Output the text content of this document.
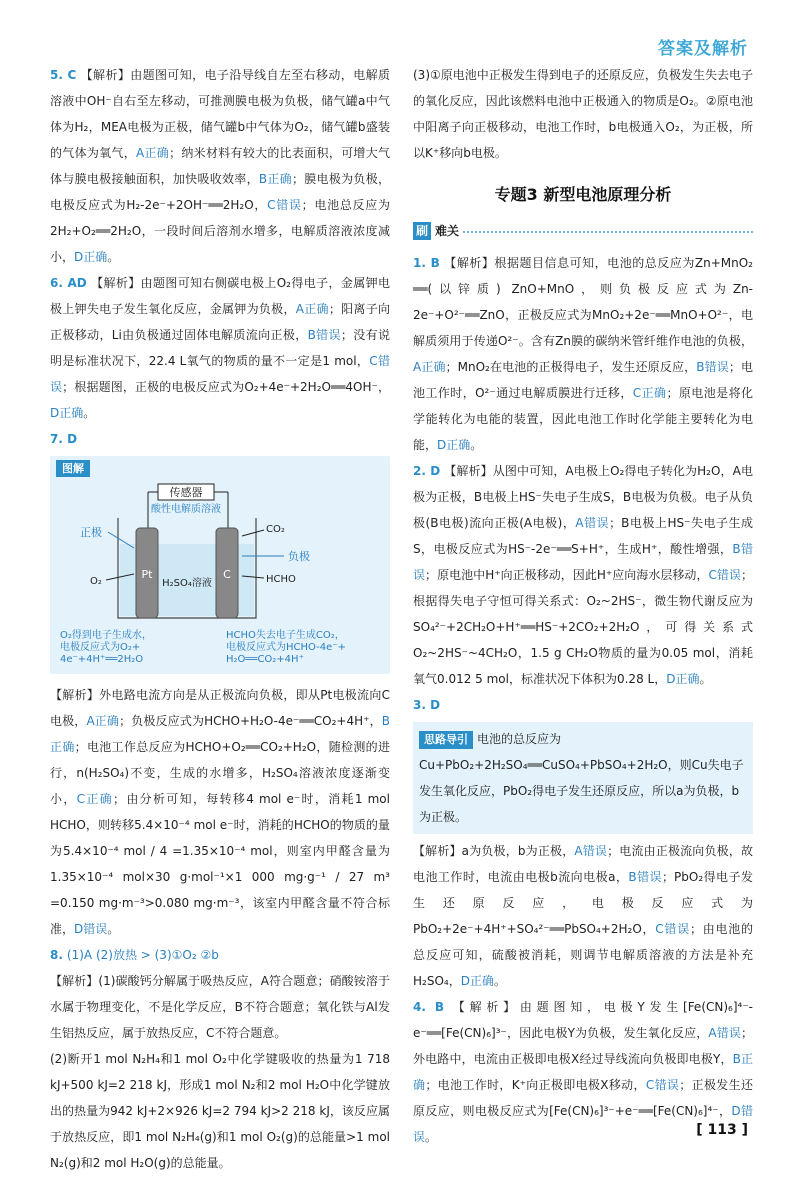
答案及解析

5. C 【解析】由题图可知，电子沿导线自左至右移动，电解质溶液中OH⁻自右至左移动，可推测膜电极为负极，储气罐a中气体为H₂，MEA电极为正极，储气罐b中气体为O₂，储气罐b盛装的气体为氧气，A正确；纳米材料有较大的比表面积，可增大气体与膜电极接触面积，加快吸收效率，B正确；膜电极为负极，电极反应式为H₂-2e⁻+2OH⁻══2H₂O，C错误；电池总反应为2H₂+O₂══2H₂O，一段时间后溶剂水增多，电解质溶液浓度减小，D正确。

6. AD 【解析】由题图可知右侧碳电极上O₂得电子，金属钾电极上钾失电子发生氧化反应，金属钾为负极，A正确；阳离子向正极移动，Li由负极通过固体电解质流向正极，B错误；没有说明是标准状况下，22.4 L氧气的物质的量不一定是1 mol，C错误；根据题图，正极的电极反应式为O₂+4e⁻+2H₂O══4OH⁻，D正确。

7. D

图解
传感器
酸性电解质溶液
Pt	C
H₂SO₄溶液
正极
负极
CO₂
HCHO
O₂
O₂得到电子生成水，
电极反应式为O₂+
4e⁻+4H⁺══2H₂O
HCHO失去电子生成CO₂，
电极反应式为HCHO-4e⁻+
H₂O══CO₂+4H⁺

【解析】外电路电流方向是从正极流向负极，即从Pt电极流向C电极，A正确；负极反应式为HCHO+H₂O-4e⁻══CO₂+4H⁺，B正确；电池工作总反应为HCHO+O₂══CO₂+H₂O，随检测的进行，n(H₂SO₄)不变，生成的水增多，H₂SO₄溶液浓度逐渐变小，C正确；由分析可知，每转移4 mol e⁻时，消耗1 mol HCHO，则转移5.4×10⁻⁴ mol e⁻时，消耗的HCHO的物质的量为5.4×10⁻⁴ mol / 4 =1.35×10⁻⁴ mol，则室内甲醛含量为1.35×10⁻⁴ mol×30 g·mol⁻¹×1 000 mg·g⁻¹ / 27 m³ =0.150 mg·m⁻³>0.080 mg·m⁻³，该室内甲醛含量不符合标准，D错误。

8. (1)A (2)放热 > (3)①O₂ ②b

【解析】(1)碳酸钙分解属于吸热反应，A符合题意；硝酸铵溶于水属于物理变化，不是化学反应，B不符合题意；氧化铁与Al发生铝热反应，属于放热反应，C不符合题意。

(2)断开1 mol N₂H₄和1 mol O₂中化学键吸收的热量为1 718 kJ+500 kJ=2 218 kJ，形成1 mol N₂和2 mol H₂O中化学键放出的热量为942 kJ+2×926 kJ=2 794 kJ>2 218 kJ，该反应属于放热反应，即1 mol N₂H₄(g)和1 mol O₂(g)的总能量>1 mol N₂(g)和2 mol H₂O(g)的总能量。

(3)①原电池中正极发生得到电子的还原反应，负极发生失去电子的氧化反应，因此该燃料电池中正极通入的物质是O₂。②原电池中阳离子向正极移动，电池工作时，b电极通入O₂，为正极，所以K⁺移向b电极。

专题3 新型电池原理分析
刷 难关

1. B 【解析】根据题目信息可知，电池的总反应为Zn+MnO₂ ══(以锌质) ZnO+MnO，则负极反应式为Zn-2e⁻+O²⁻══ZnO，正极反应式为MnO₂+2e⁻══MnO+O²⁻，电解质须用于传递O²⁻。含有Zn膜的碳纳米管纤维作电池的负极，A正确；MnO₂在电池的正极得电子，发生还原反应，B错误；电池工作时，O²⁻通过电解质膜进行迁移，C正确；原电池是将化学能转化为电能的装置，因此电池工作时化学能主要转化为电能，D正确。

2. D 【解析】从图中可知，A电极上O₂得电子转化为H₂O，A电极为正极，B电极上HS⁻失电子生成S，B电极为负极。电子从负极(B电极)流向正极(A电极)，A错误；B电极上HS⁻失电子生成S，电极反应式为HS⁻-2e⁻══S+H⁺，生成H⁺，酸性增强，B错误；原电池中H⁺向正极移动，因此H⁺应向海水层移动，C错误；根据得失电子守恒可得关系式：O₂~2HS⁻，微生物代谢反应为SO₄²⁻+2CH₂O+H⁺══HS⁻+2CO₂+2H₂O，可得关系式O₂~2HS⁻~4CH₂O，1.5 g CH₂O物质的量为0.05 mol，消耗氧气0.012 5 mol，标准状况下体积为0.28 L，D正确。

3. D

思路导引 电池的总反应为Cu+PbO₂+2H₂SO₄══CuSO₄+PbSO₄+2H₂O，则Cu失电子发生氧化反应，PbO₂得电子发生还原反应，所以a为负极，b为正极。

【解析】a为负极，b为正极，A错误；电流由正极流向负极，故电池工作时，电流由电极b流向电极a，B错误；PbO₂得电子发生还原反应，电极反应式为PbO₂+2e⁻+4H⁺+SO₄²⁻══PbSO₄+2H₂O，C错误；由电池的总反应可知，硫酸被消耗，则调节电解质溶液的方法是补充H₂SO₄，D正确。

4. B 【解析】由题图知，电极Y发生[Fe(CN)₆]⁴⁻-e⁻══[Fe(CN)₆]³⁻，因此电极Y为负极，发生氧化反应，A错误；外电路中，电流由正极即电极X经过导线流向负极即电极Y，B正确；电池工作时，K⁺向正极即电极X移动，C错误；正极发生还原反应，则电极反应式为[Fe(CN)₆]³⁻+e⁻══[Fe(CN)₆]⁴⁻，D错误。	[ 113 ]
